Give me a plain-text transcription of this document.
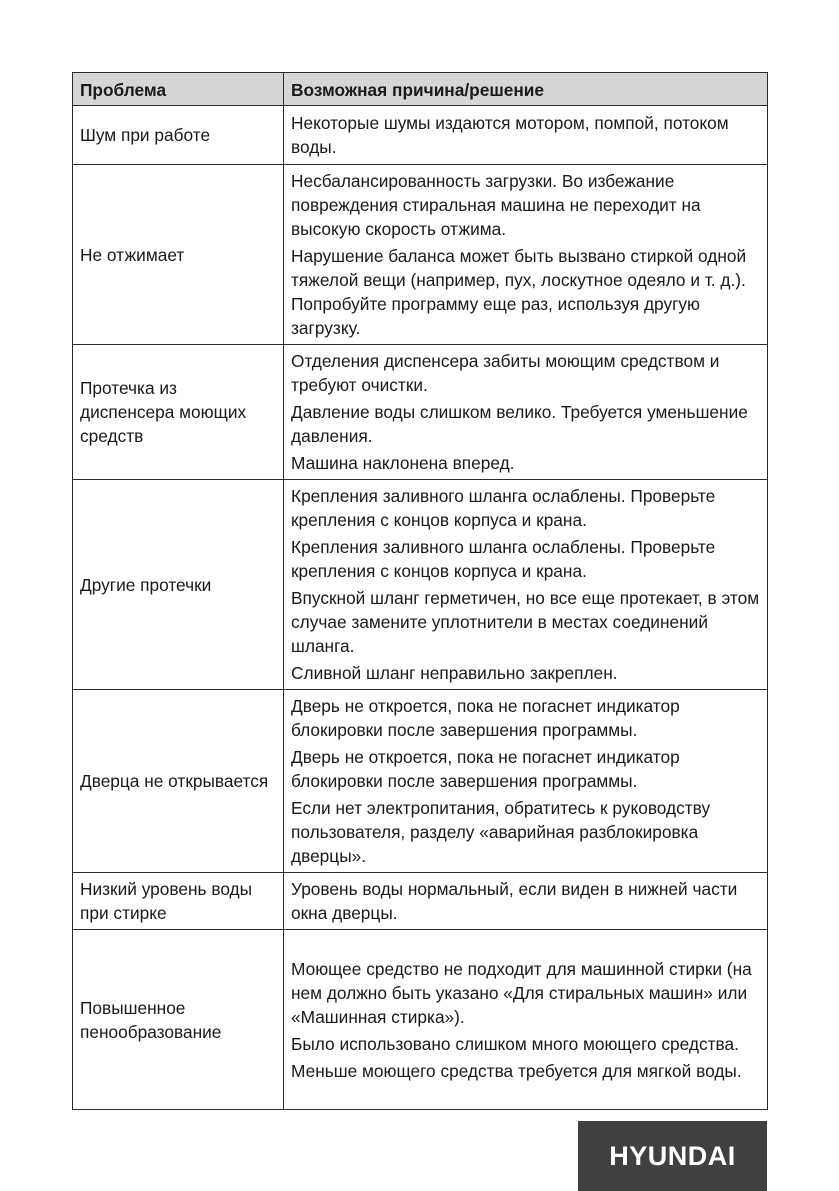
Проблема	Возможная причина/решение
Шум при работе	Некоторые шумы издаются мотором, помпой, потоком воды.

Не отжимает	Несбалансированность загрузки. Во избежание повреждения стиральная машина не переходит на высокую скорость отжима.
Нарушение баланса может быть вызвано стиркой одной тяжелой вещи (например, пух, лоскутное одеяло и т. д.). Попробуйте программу еще раз, используя другую загрузку.

Протечка из диспенсера моющих средств	Отделения диспенсера забиты моющим средством и требуют очистки.
Давление воды слишком велико. Требуется уменьшение давления.
Машина наклонена вперед.

Другие протечки	Крепления заливного шланга ослаблены. Проверьте крепления с концов корпуса и крана.
Крепления заливного шланга ослаблены. Проверьте крепления с концов корпуса и крана.
Впускной шланг герметичен, но все еще протекает, в этом случае замените уплотнители в местах соединений шланга.
Сливной шланг неправильно закреплен.

Дверца не открывается	Дверь не откроется, пока не погаснет индикатор блокировки после завершения программы.
Дверь не откроется, пока не погаснет индикатор блокировки после завершения программы.
Если нет электропитания, обратитесь к руководству пользователя, разделу «аварийная разблокировка дверцы».

Низкий уровень воды при стирке	Уровень воды нормальный, если виден в нижней части окна дверцы.

Повышенное пенообразование	Моющее средство не подходит для машинной стирки (на нем должно быть указано «Для стиральных машин» или «Машинная стирка»).
Было использовано слишком много моющего средства.
Меньше моющего средства требуется для мягкой воды.
HYUNDAI
